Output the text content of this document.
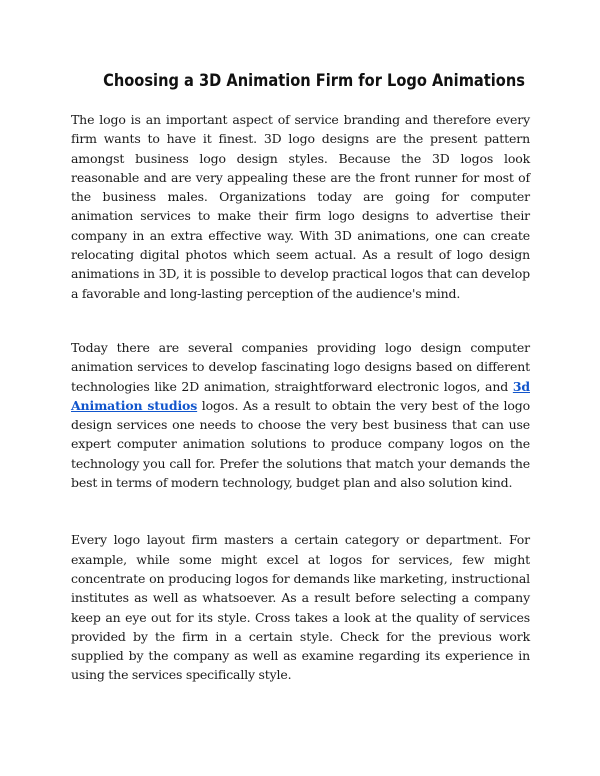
Choosing a 3D Animation Firm for Logo Animations

The logo is an important aspect of service branding and therefore every firm wants to have it finest. 3D logo designs are the present pattern amongst business logo design styles. Because the 3D logos look reasonable and are very appealing these are the front runner for most of the business males. Organizations today are going for computer animation services to make their firm logo designs to advertise their company in an extra effective way. With 3D animations, one can create relocating digital photos which seem actual. As a result of logo design animations in 3D, it is possible to develop practical logos that can develop a favorable and long-lasting perception of the audience's mind.

Today there are several companies providing logo design computer animation services to develop fascinating logo designs based on different technologies like 2D animation, straightforward electronic logos, and 3d Animation studios logos. As a result to obtain the very best of the logo design services one needs to choose the very best business that can use expert computer animation solutions to produce company logos on the technology you call for. Prefer the solutions that match your demands the best in terms of modern technology, budget plan and also solution kind.

Every logo layout firm masters a certain category or department. For example, while some might excel at logos for services, few might concentrate on producing logos for demands like marketing, instructional institutes as well as whatsoever. As a result before selecting a company keep an eye out for its style. Cross takes a look at the quality of services provided by the firm in a certain style. Check for the previous work supplied by the company as well as examine regarding its experience in using the services specifically style.
